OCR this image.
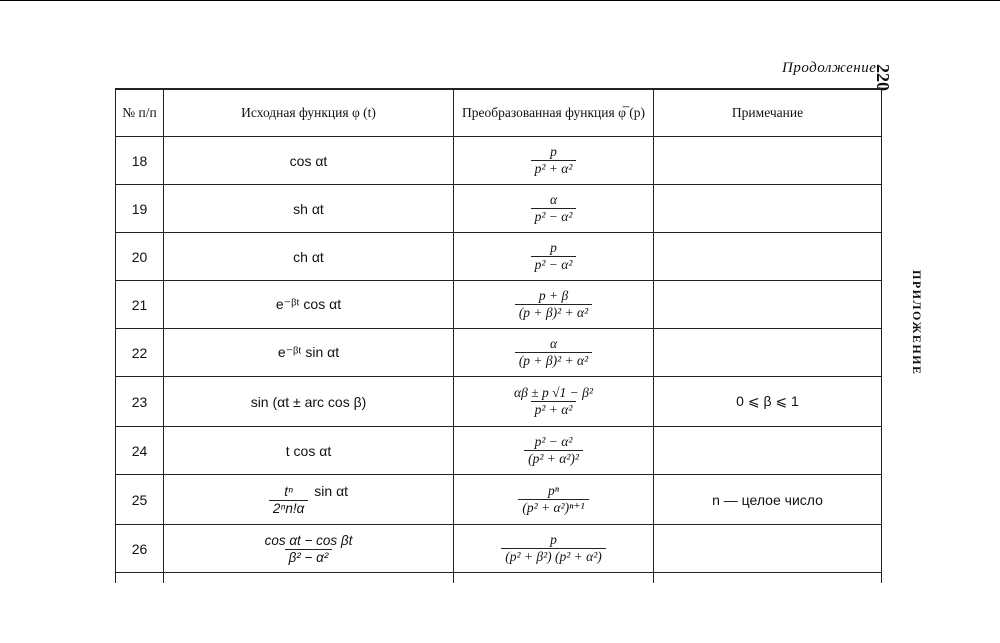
Продолжение
220
ПРИЛОЖЕНИЕ
№ п/п	Исходная функция φ (t)	Преобразованная функция φ̅ (p)	Примечание
18	cos αt	$\frac{p}{\text{p² + α²}}$

19	sh αt	$\frac{\alpha}{\text{p² − α²}}$

20	ch αt	$\frac{p}{\text{p² − α²}}$

21	e⁻ᵝᵗ cos αt	$\frac{p + \beta}{\text{(p + β)² + α²}}$

22	e⁻ᵝᵗ sin αt	$\frac{\alpha}{\text{(p + β)² + α²}}$

23	sin (αt ± arc cos β)	$\frac{\text{αβ ± p √1 − β²}}{\text{p² + α²}}$	0 ⩽ β ⩽ 1
24	t cos αt	$\frac{\text{p² − α²}}{\text{(p² + α²)²}}$

25	$\frac{\text{tⁿ}}{\text{2ⁿn!α}}$ sin αt	$\frac{\text{pⁿ}}{\text{(p² + α²)ⁿ⁺¹}}$	n — целое число
26	$\frac{\text{cos αt − cos βt}}{\text{β² − α²}}$	$\frac{p}{\text{(p² + β²) (p² + α²)}}$
